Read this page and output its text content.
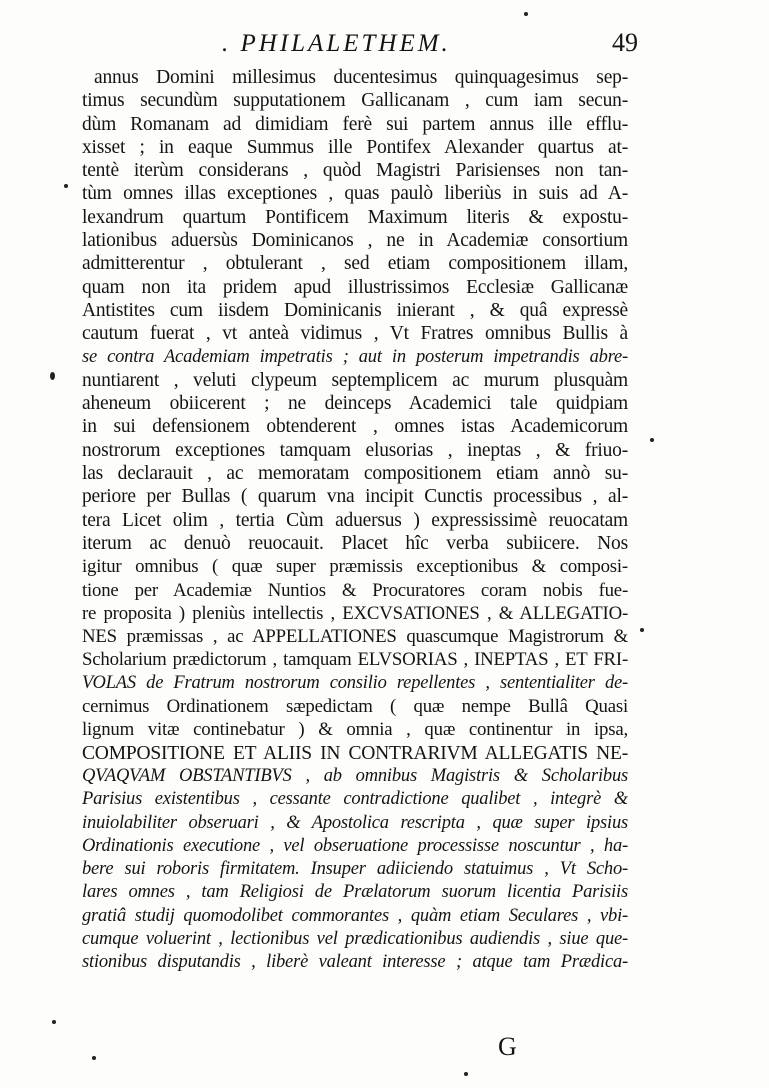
. PHILALETHEM.	49
annus Domini millesimus ducentesimus quinquagesimus sep-
timus secundùm supputationem Gallicanam , cum iam secun-
dùm Romanam ad dimidiam ferè sui partem annus ille efflu-
xisset ; in eaque Summus ille Pontifex Alexander quartus at-
tentè iterùm considerans , quòd Magistri Parisienses non tan-
tùm omnes illas exceptiones , quas paulò liberiùs in suis ad A-
lexandrum quartum Pontificem Maximum literis & expostu-
lationibus aduersùs Dominicanos , ne in Academiæ consortium
admitterentur , obtulerant , sed etiam compositionem illam,
quam non ita pridem apud illustrissimos Ecclesiæ Gallicanæ
Antistites cum iisdem Dominicanis inierant , & quâ expressè
cautum fuerat , vt anteà vidimus , Vt Fratres omnibus Bullis à
se contra Academiam impetratis ; aut in posterum impetrandis abre-
nuntiarent , veluti clypeum septemplicem ac murum plusquàm
aheneum obiicerent ; ne deinceps Academici tale quidpiam
in sui defensionem obtenderent , omnes istas Academicorum
nostrorum exceptiones tamquam elusorias , ineptas , & friuo-
las declarauit , ac memoratam compositionem etiam annò su-
periore per Bullas ( quarum vna incipit Cunctis processibus , al-
tera Licet olim , tertia Cùm aduersus ) expressissimè reuocatam
iterum ac denuò reuocauit. Placet hîc verba subiicere. Nos
igitur omnibus ( quæ super præmissis exceptionibus & composi-
tione per Academiæ Nuntios & Procuratores coram nobis fue-
re proposita ) pleniùs intellectis , EXCVSATIONES , & ALLEGATIO-
NES præmissas , ac APPELLATIONES quascumque Magistrorum &
Scholarium prædictorum , tamquam ELVSORIAS , INEPTAS , ET FRI-
VOLAS de Fratrum nostrorum consilio repellentes , sententialiter de-
cernimus Ordinationem sæpedictam ( quæ nempe Bullâ Quasi
lignum vitæ continebatur ) & omnia , quæ continentur in ipsa,
COMPOSITIONE ET ALIIS IN CONTRARIVM ALLEGATIS NE-
QVAQVAM OBSTANTIBVS , ab omnibus Magistris & Scholaribus
Parisius existentibus , cessante contradictione qualibet , integrè &
inuiolabiliter obseruari , & Apostolica rescripta , quæ super ipsius
Ordinationis executione , vel obseruatione processisse noscuntur , ha-
bere sui roboris firmitatem. Insuper adiiciendo statuimus , Vt Scho-
lares omnes , tam Religiosi de Prælatorum suorum licentia Parisiis
gratiâ studij quomodolibet commorantes , quàm etiam Seculares , vbi-
cumque voluerint , lectionibus vel prædicationibus audiendis , siue que-
stionibus disputandis , liberè valeant interesse ; atque tam Prædica-
G
